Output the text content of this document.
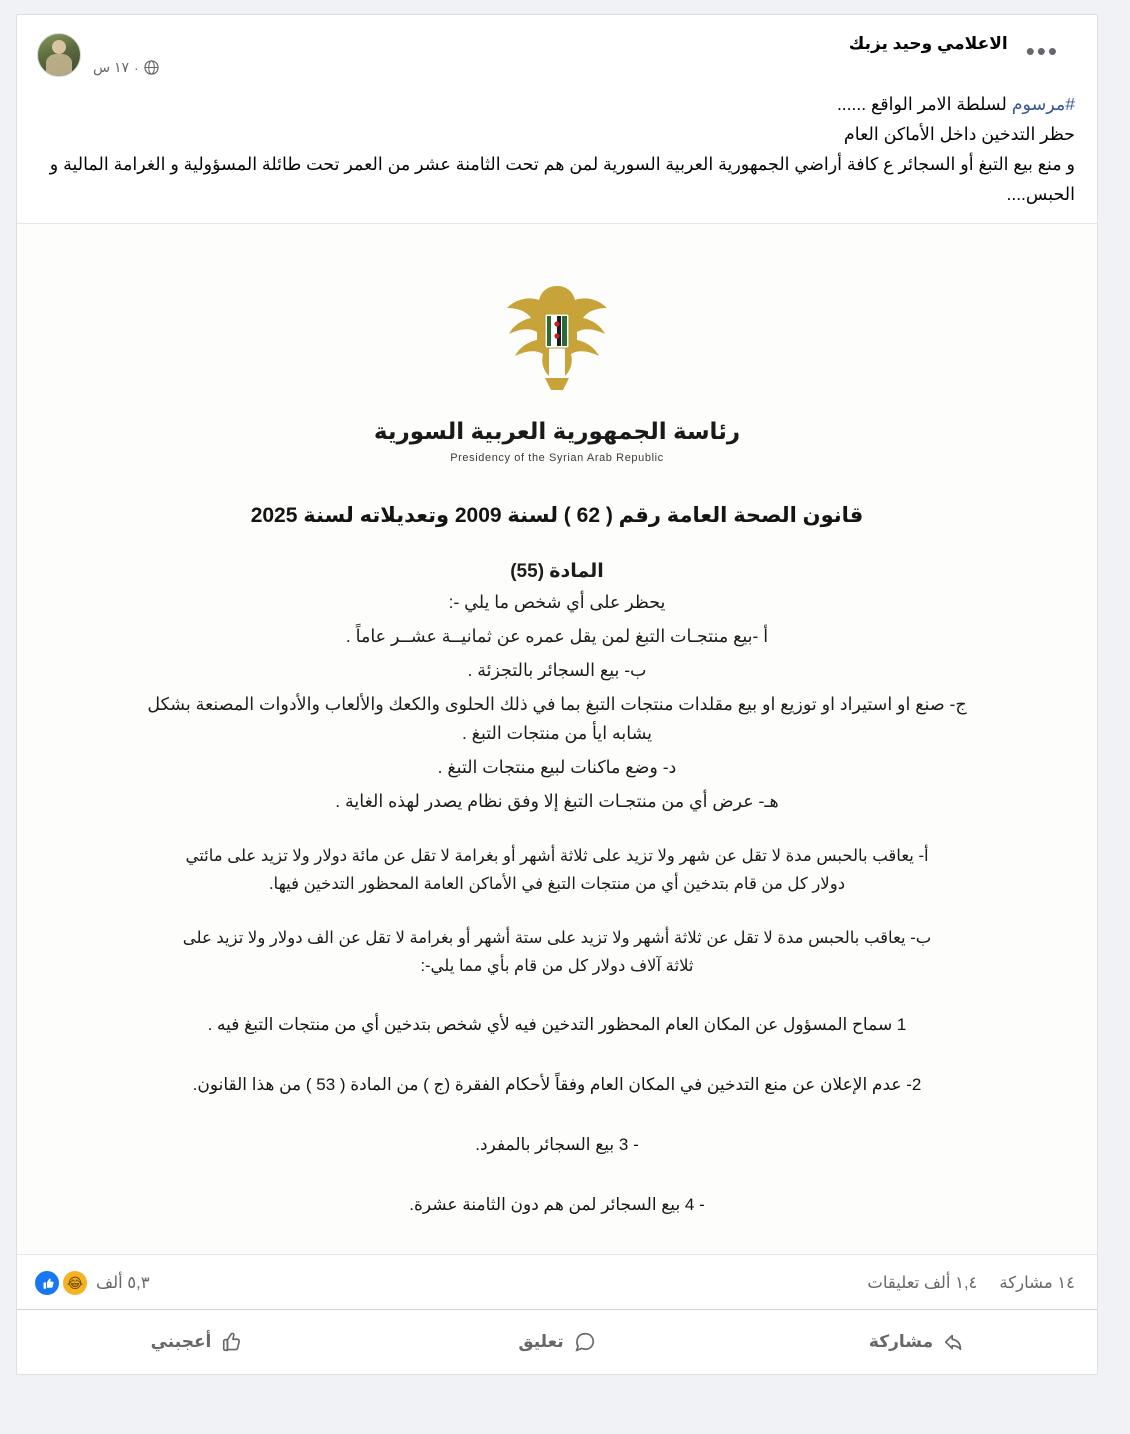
•••
الاعلامي وحيد يزبك
·
١٧ س

#مرسوم لسلطة الامر الواقع ......

حظر التدخين داخل الأماكن العام

و منع بيع التبغ أو السجائر ع كافة أراضي الجمهورية العربية السورية لمن هم تحت الثامنة عشر من العمر تحت طائلة المسؤولية و الغرامة المالية و الحبس....

رئاسة الجمهورية العربية السورية
Presidency of the Syrian Arab Republic
قانون الصحة العامة رقم ( 62 ) لسنة 2009 وتعديلاته لسنة 2025
المادة (55)
يحظر على أي شخص ما يلي -:
أ -بيع منتجـات التبغ لمن يقل عمره عن ثمانيــة عشــر عاماً .
ب- بيع السجائر بالتجزئة .
ج- صنع او استيراد او توزيع او بيع مقلدات منتجات التبغ بما في ذلك الحلوى والكعك والألعاب والأدوات المصنعة بشكل يشابه ايأ من منتجات التبغ .
د- وضع ماكنات لبيع منتجات التبغ .
هـ- عرض أي من منتجـات التبغ إلا وفق نظام يصدر لهذه الغاية .
أ- يعاقب بالحبس مدة لا تقل عن شهر ولا تزيد على ثلاثة أشهر أو بغرامة لا تقل عن مائة دولار ولا تزيد على مائتي دولار كل من قام بتدخين أي من منتجات التبغ في الأماكن العامة المحظور التدخين فيها.
ب- يعاقب بالحبس مدة لا تقل عن ثلاثة أشهر ولا تزيد على ستة أشهر أو بغرامة لا تقل عن الف دولار ولا تزيد على ثلاثة آلاف دولار كل من قام بأي مما يلي-:
1 سماح المسؤول عن المكان العام المحظور التدخين فيه لأي شخص بتدخين أي من منتجات التبغ فيه .
2- عدم الإعلان عن منع التدخين في المكان العام وفقاً لأحكام الفقرة (ج ) من المادة ( 53 ) من هذا القانون.
- 3 بيع السجائر بالمفرد.
- 4 بيع السجائر لمن هم دون الثامنة عشرة.
١٤ مشاركة
١,٤ ألف تعليقات
😂 ٥,٣ ألف
مشاركة
تعليق
أعجبني
